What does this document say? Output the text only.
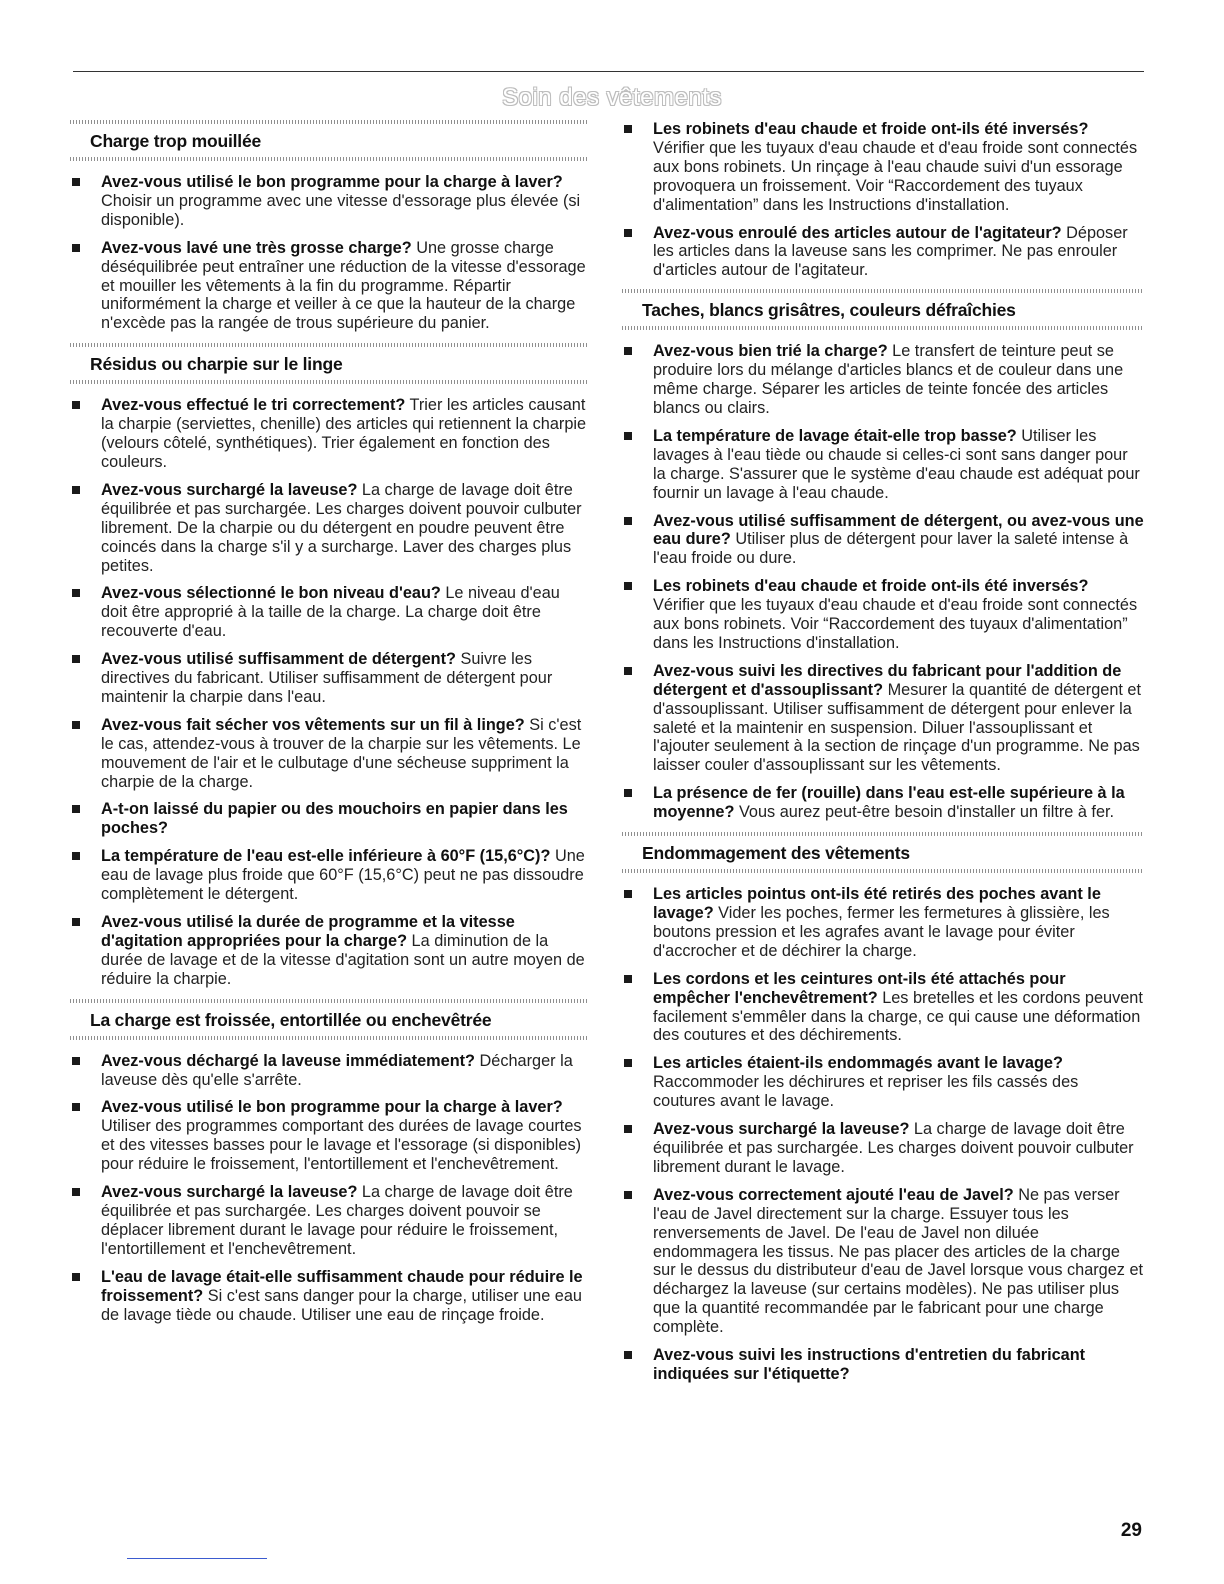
Soin des vêtements
Charge trop mouillée
Avez-vous utilisé le bon programme pour la charge à laver? Choisir un programme avec une vitesse d'essorage plus élevée (si disponible).
Avez-vous lavé une très grosse charge? Une grosse charge déséquilibrée peut entraîner une réduction de la vitesse d'essorage et mouiller les vêtements à la fin du programme. Répartir uniformément la charge et veiller à ce que la hauteur de la charge n'excède pas la rangée de trous supérieure du panier.
Résidus ou charpie sur le linge
Avez-vous effectué le tri correctement? Trier les articles causant la charpie (serviettes, chenille) des articles qui retiennent la charpie (velours côtelé, synthétiques). Trier également en fonction des couleurs.
Avez-vous surchargé la laveuse? La charge de lavage doit être équilibrée et pas surchargée. Les charges doivent pouvoir culbuter librement. De la charpie ou du détergent en poudre peuvent être coincés dans la charge s'il y a surcharge. Laver des charges plus petites.
Avez-vous sélectionné le bon niveau d'eau? Le niveau d'eau doit être approprié à la taille de la charge. La charge doit être recouverte d'eau.
Avez-vous utilisé suffisamment de détergent? Suivre les directives du fabricant. Utiliser suffisamment de détergent pour maintenir la charpie dans l'eau.
Avez-vous fait sécher vos vêtements sur un fil à linge? Si c'est le cas, attendez-vous à trouver de la charpie sur les vêtements. Le mouvement de l'air et le culbutage d'une sécheuse suppriment la charpie de la charge.
A-t-on laissé du papier ou des mouchoirs en papier dans les poches?
La température de l'eau est-elle inférieure à 60°F (15,6°C)? Une eau de lavage plus froide que 60°F (15,6°C) peut ne pas dissoudre complètement le détergent.
Avez-vous utilisé la durée de programme et la vitesse d'agitation appropriées pour la charge? La diminution de la durée de lavage et de la vitesse d'agitation sont un autre moyen de réduire la charpie.
La charge est froissée, entortillée ou enchevêtrée
Avez-vous déchargé la laveuse immédiatement? Décharger la laveuse dès qu'elle s'arrête.
Avez-vous utilisé le bon programme pour la charge à laver? Utiliser des programmes comportant des durées de lavage courtes et des vitesses basses pour le lavage et l'essorage (si disponibles) pour réduire le froissement, l'entortillement et l'enchevêtrement.
Avez-vous surchargé la laveuse? La charge de lavage doit être équilibrée et pas surchargée. Les charges doivent pouvoir se déplacer librement durant le lavage pour réduire le froissement, l'entortillement et l'enchevêtrement.
L'eau de lavage était-elle suffisamment chaude pour réduire le froissement? Si c'est sans danger pour la charge, utiliser une eau de lavage tiède ou chaude. Utiliser une eau de rinçage froide.
Les robinets d'eau chaude et froide ont-ils été inversés? Vérifier que les tuyaux d'eau chaude et d'eau froide sont connectés aux bons robinets. Un rinçage à l'eau chaude suivi d'un essorage provoquera un froissement. Voir “Raccordement des tuyaux d'alimentation” dans les Instructions d'installation.
Avez-vous enroulé des articles autour de l'agitateur? Déposer les articles dans la laveuse sans les comprimer. Ne pas enrouler d'articles autour de l'agitateur.
Taches, blancs grisâtres, couleurs défraîchies
Avez-vous bien trié la charge? Le transfert de teinture peut se produire lors du mélange d'articles blancs et de couleur dans une même charge. Séparer les articles de teinte foncée des articles blancs ou clairs.
La température de lavage était-elle trop basse? Utiliser les lavages à l'eau tiède ou chaude si celles-ci sont sans danger pour la charge. S'assurer que le système d'eau chaude est adéquat pour fournir un lavage à l'eau chaude.
Avez-vous utilisé suffisamment de détergent, ou avez-vous une eau dure? Utiliser plus de détergent pour laver la saleté intense à l'eau froide ou dure.
Les robinets d'eau chaude et froide ont-ils été inversés? Vérifier que les tuyaux d'eau chaude et d'eau froide sont connectés aux bons robinets. Voir “Raccordement des tuyaux d'alimentation” dans les Instructions d'installation.
Avez-vous suivi les directives du fabricant pour l'addition de détergent et d'assouplissant? Mesurer la quantité de détergent et d'assouplissant. Utiliser suffisamment de détergent pour enlever la saleté et la maintenir en suspension. Diluer l'assouplissant et l'ajouter seulement à la section de rinçage d'un programme. Ne pas laisser couler d'assouplissant sur les vêtements.
La présence de fer (rouille) dans l'eau est-elle supérieure à la moyenne? Vous aurez peut-être besoin d'installer un filtre à fer.
Endommagement des vêtements
Les articles pointus ont-ils été retirés des poches avant le lavage? Vider les poches, fermer les fermetures à glissière, les boutons pression et les agrafes avant le lavage pour éviter d'accrocher et de déchirer la charge.
Les cordons et les ceintures ont-ils été attachés pour empêcher l'enchevêtrement? Les bretelles et les cordons peuvent facilement s'emmêler dans la charge, ce qui cause une déformation des coutures et des déchirements.
Les articles étaient-ils endommagés avant le lavage? Raccommoder les déchirures et repriser les fils cassés des coutures avant le lavage.
Avez-vous surchargé la laveuse? La charge de lavage doit être équilibrée et pas surchargée. Les charges doivent pouvoir culbuter librement durant le lavage.
Avez-vous correctement ajouté l'eau de Javel? Ne pas verser l'eau de Javel directement sur la charge. Essuyer tous les renversements de Javel. De l'eau de Javel non diluée endommagera les tissus. Ne pas placer des articles de la charge sur le dessus du distributeur d'eau de Javel lorsque vous chargez et déchargez la laveuse (sur certains modèles). Ne pas utiliser plus que la quantité recommandée par le fabricant pour une charge complète.
Avez-vous suivi les instructions d'entretien du fabricant indiquées sur l'étiquette?
29
